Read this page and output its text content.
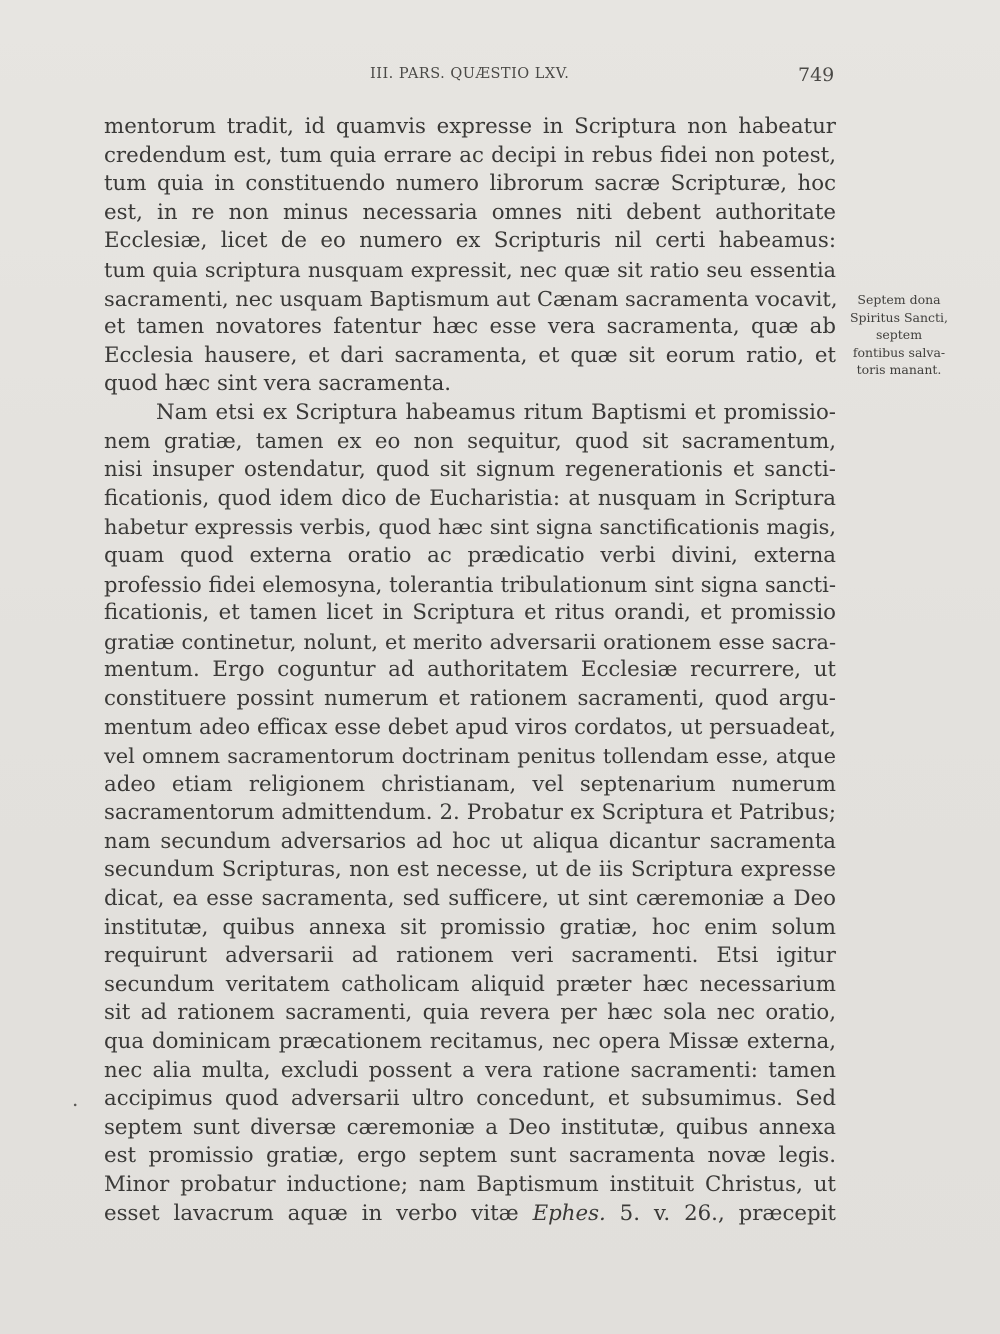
III. PARS. QUÆSTIO LXV.	749
mentorum tradit, id quamvis expresse in Scriptura non habeatur
credendum est, tum quia errare ac decipi in rebus fidei non potest,
tum quia in constituendo numero librorum sacræ Scripturæ, hoc
est, in re non minus necessaria omnes niti debent authoritate
Ecclesiæ, licet de eo numero ex Scripturis nil certi habeamus:
tum quia scriptura nusquam expressit, nec quæ sit ratio seu essentia
sacramenti, nec usquam Baptismum aut Cænam sacramenta vocavit,
et tamen novatores fatentur hæc esse vera sacramenta, quæ ab
Ecclesia hausere, et dari sacramenta, et quæ sit eorum ratio, et
quod hæc sint vera sacramenta.
Nam etsi ex Scriptura habeamus ritum Baptismi et promissio-
nem gratiæ, tamen ex eo non sequitur, quod sit sacramentum,
nisi insuper ostendatur, quod sit signum regenerationis et sancti-
ficationis, quod idem dico de Eucharistia: at nusquam in Scriptura
habetur expressis verbis, quod hæc sint signa sanctificationis magis,
quam quod externa oratio ac prædicatio verbi divini, externa
professio fidei elemosyna, tolerantia tribulationum sint signa sancti-
ficationis, et tamen licet in Scriptura et ritus orandi, et promissio
gratiæ continetur, nolunt, et merito adversarii orationem esse sacra-
mentum. Ergo coguntur ad authoritatem Ecclesiæ recurrere, ut
constituere possint numerum et rationem sacramenti, quod argu-
mentum adeo efficax esse debet apud viros cordatos, ut persuadeat,
vel omnem sacramentorum doctrinam penitus tollendam esse, atque
adeo etiam religionem christianam, vel septenarium numerum
sacramentorum admittendum. 2. Probatur ex Scriptura et Patribus;
nam secundum adversarios ad hoc ut aliqua dicantur sacramenta
secundum Scripturas, non est necesse, ut de iis Scriptura expresse
dicat, ea esse sacramenta, sed sufficere, ut sint cæremoniæ a Deo
institutæ, quibus annexa sit promissio gratiæ, hoc enim solum
requirunt adversarii ad rationem veri sacramenti. Etsi igitur
secundum veritatem catholicam aliquid præter hæc necessarium
sit ad rationem sacramenti, quia revera per hæc sola nec oratio,
qua dominicam præcationem recitamus, nec opera Missæ externa,
nec alia multa, excludi possent a vera ratione sacramenti: tamen
. accipimus quod adversarii ultro concedunt, et subsumimus. Sed
septem sunt diversæ cæremoniæ a Deo institutæ, quibus annexa
est promissio gratiæ, ergo septem sunt sacramenta novæ legis.
Minor probatur inductione; nam Baptismum instituit Christus, ut
esset lavacrum aquæ in verbo vitæ Ephes. 5. v. 26., præcepit
Septem dona
Spiritus Sancti,
septem
fontibus salva-
toris manant.
